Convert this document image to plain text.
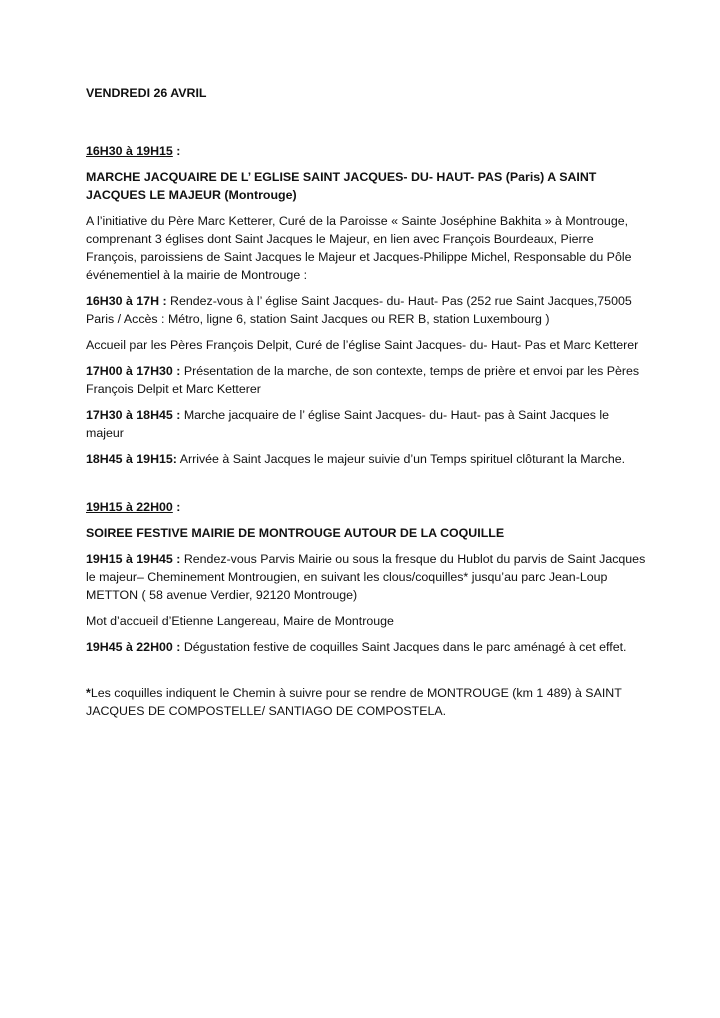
VENDREDI 26 AVRIL

16H30 à 19H15 :

MARCHE JACQUAIRE DE L’ EGLISE SAINT JACQUES- DU- HAUT- PAS (Paris) A SAINT JACQUES LE MAJEUR (Montrouge)

A l’initiative du Père Marc Ketterer, Curé de la Paroisse « Sainte Joséphine Bakhita » à Montrouge, comprenant 3 églises dont Saint Jacques le Majeur, en lien avec François Bourdeaux, Pierre François, paroissiens de Saint Jacques le Majeur et Jacques-Philippe Michel, Responsable du Pôle événementiel à la mairie de Montrouge :

16H30 à 17H : Rendez-vous à l’ église Saint Jacques- du- Haut- Pas (252 rue Saint Jacques,75005 Paris / Accès : Métro, ligne 6, station Saint Jacques ou RER B, station Luxembourg )

Accueil par les Pères François Delpit, Curé de l’église Saint Jacques- du- Haut- Pas et Marc Ketterer

17H00 à 17H30 : Présentation de la marche, de son contexte, temps de prière et envoi par les Pères François Delpit et Marc Ketterer

17H30 à 18H45 : Marche jacquaire de l’ église Saint Jacques- du- Haut- pas à Saint Jacques le majeur

18H45 à 19H15: Arrivée à Saint Jacques le majeur suivie d’un Temps spirituel clôturant la Marche.

19H15 à 22H00 :

SOIREE FESTIVE MAIRIE DE MONTROUGE AUTOUR DE LA COQUILLE

19H15 à 19H45 : Rendez-vous Parvis Mairie ou sous la fresque du Hublot du parvis de Saint Jacques le majeur– Cheminement Montrougien, en suivant les clous/coquilles* jusqu’au parc Jean-Loup METTON ( 58 avenue Verdier, 92120 Montrouge)

Mot d’accueil d’Etienne Langereau, Maire de Montrouge

19H45 à 22H00 : Dégustation festive de coquilles Saint Jacques dans le parc aménagé à cet effet.

*Les coquilles indiquent le Chemin à suivre pour se rendre de MONTROUGE (km 1 489) à SAINT JACQUES DE COMPOSTELLE/ SANTIAGO DE COMPOSTELA.
